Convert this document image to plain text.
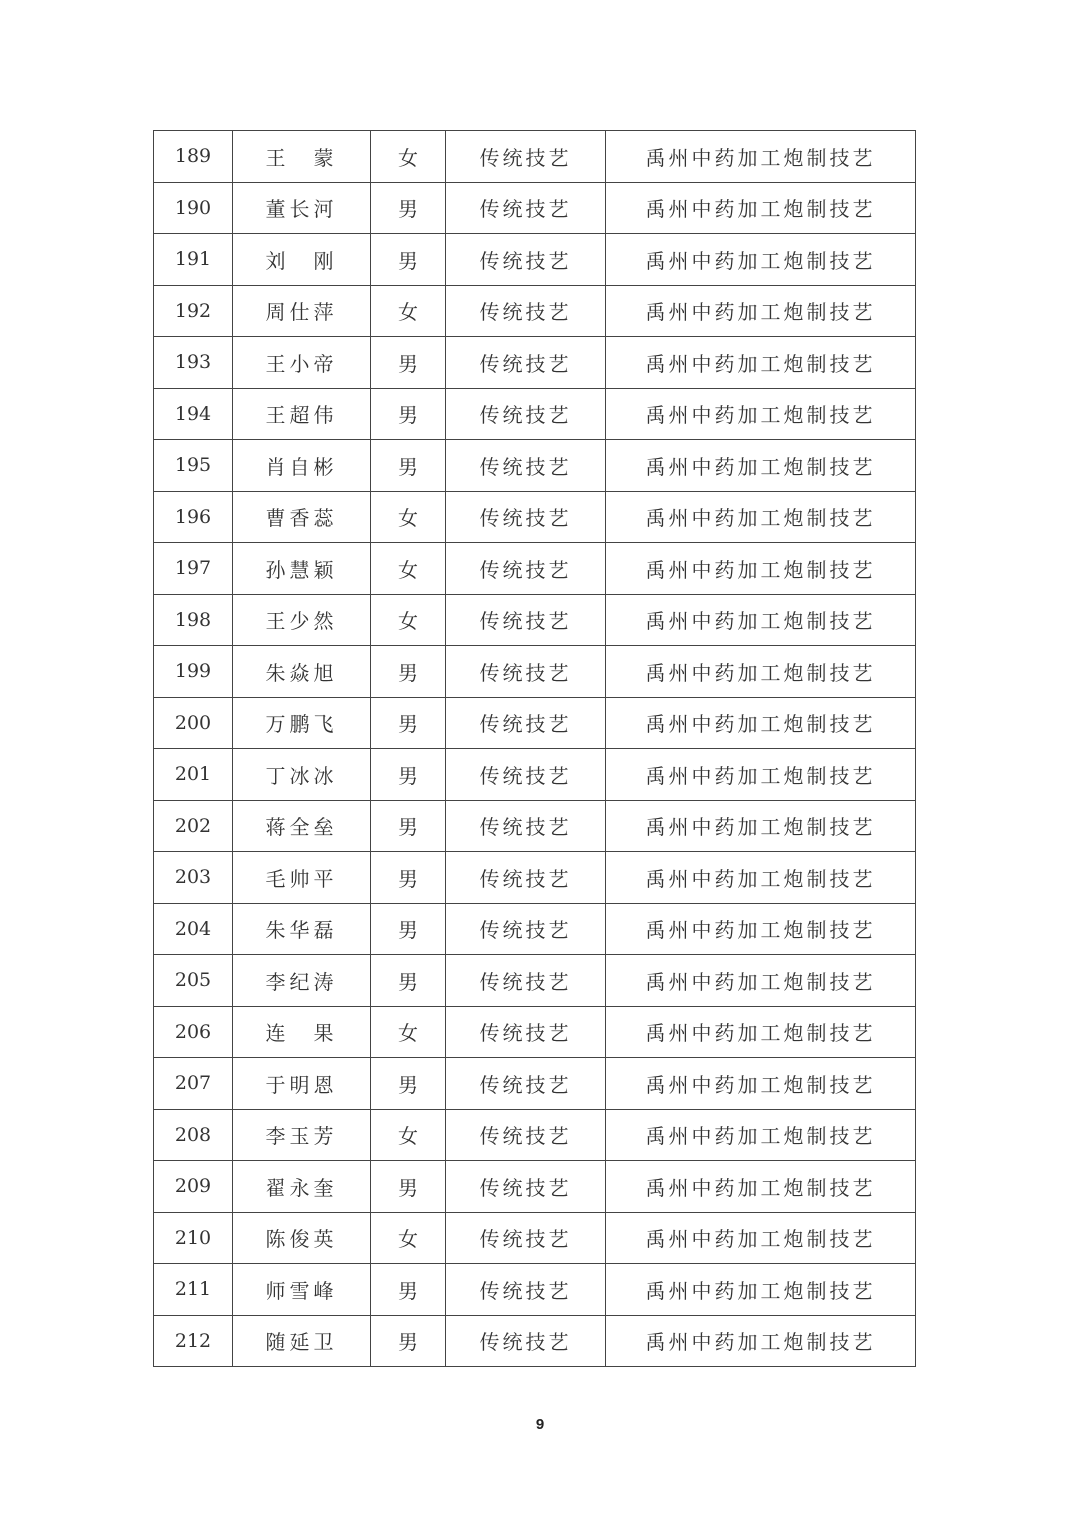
189	王　蒙	女	传统技艺	禹州中药加工炮制技艺
190	董长河	男	传统技艺	禹州中药加工炮制技艺
191	刘　刚	男	传统技艺	禹州中药加工炮制技艺
192	周仕萍	女	传统技艺	禹州中药加工炮制技艺
193	王小帝	男	传统技艺	禹州中药加工炮制技艺
194	王超伟	男	传统技艺	禹州中药加工炮制技艺
195	肖自彬	男	传统技艺	禹州中药加工炮制技艺
196	曹香蕊	女	传统技艺	禹州中药加工炮制技艺
197	孙慧颖	女	传统技艺	禹州中药加工炮制技艺
198	王少然	女	传统技艺	禹州中药加工炮制技艺
199	朱焱旭	男	传统技艺	禹州中药加工炮制技艺
200	万鹏飞	男	传统技艺	禹州中药加工炮制技艺
201	丁冰冰	男	传统技艺	禹州中药加工炮制技艺
202	蒋全垒	男	传统技艺	禹州中药加工炮制技艺
203	毛帅平	男	传统技艺	禹州中药加工炮制技艺
204	朱华磊	男	传统技艺	禹州中药加工炮制技艺
205	李纪涛	男	传统技艺	禹州中药加工炮制技艺
206	连　果	女	传统技艺	禹州中药加工炮制技艺
207	于明恩	男	传统技艺	禹州中药加工炮制技艺
208	李玉芳	女	传统技艺	禹州中药加工炮制技艺
209	翟永奎	男	传统技艺	禹州中药加工炮制技艺
210	陈俊英	女	传统技艺	禹州中药加工炮制技艺
211	师雪峰	男	传统技艺	禹州中药加工炮制技艺
212	随延卫	男	传统技艺	禹州中药加工炮制技艺
9
